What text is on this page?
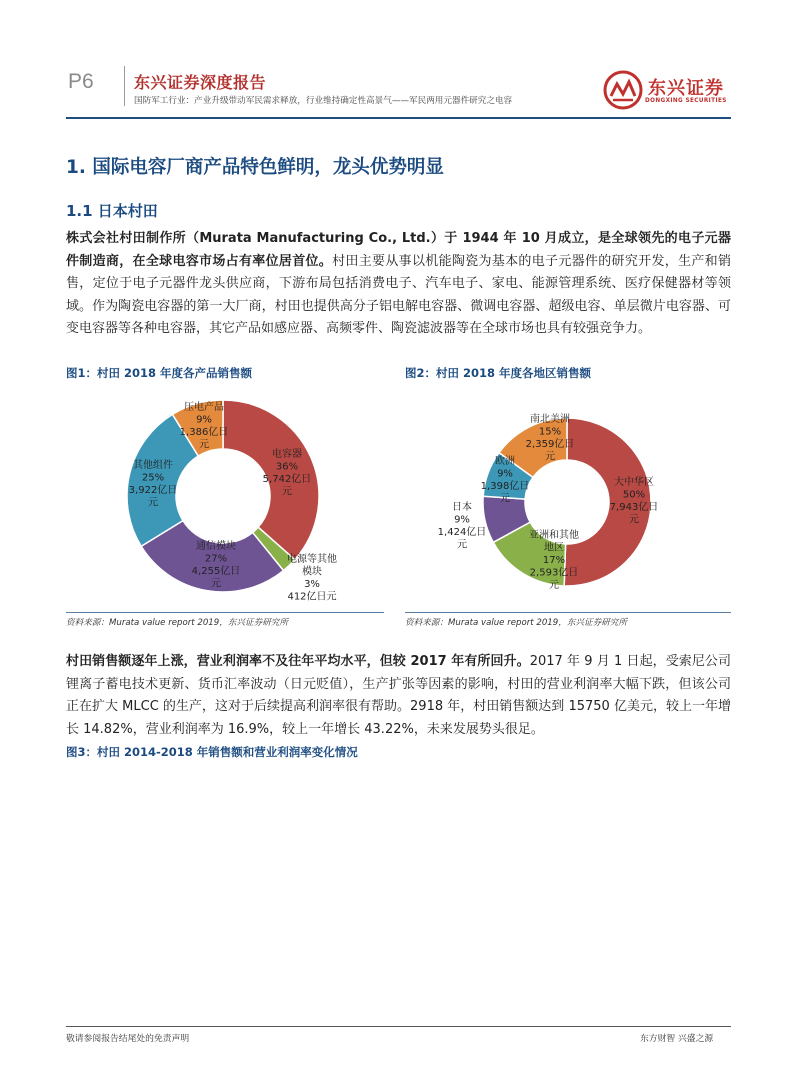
P6	东兴证券深度报告
国防军工行业：产业升级带动军民需求释放，行业维持确定性高景气——军民两用元器件研究之电容
东兴证券
DONGXING SECURITIES
1. 国际电容厂商产品特色鲜明，龙头优势明显
1.1 日本村田
株式会社村田制作所（Murata Manufacturing Co., Ltd.）于 1944 年 10 月成立，是全球领先的电子元器件制造商，在全球电容市场占有率位居首位。村田主要从事以机能陶瓷为基本的电子元器件的研究开发，生产和销售，定位于电子元器件龙头供应商，下游布局包括消费电子、汽车电子、家电、能源管理系统、医疗保健器材等领域。作为陶瓷电容器的第一大厂商，村田也提供高分子铝电解电容器、微调电容器、超级电容、单层微片电容器、可变电容器等各种电容器，其它产品如感应器、高频零件、陶瓷滤波器等在全球市场也具有较强竞争力。
图1：村田 2018 年度各产品销售额	图2：村田 2018 年度各地区销售额
电容器 36% 5,742亿日元
电源等其他模块 3% 412亿日元
通信模块 27% 4,255亿日元
其他组件 25% 3,922亿日元
压电产品 9% 1,386亿日元
大中华区 50% 7,943亿日元
亚洲和其他地区 17% 2,593亿日元
日本 9% 1,424亿日元
欧洲 9% 1,398亿日元
南北美洲 15% 2,359亿日元
资料来源：Murata value report 2019，东兴证券研究所	资料来源：Murata value report 2019，东兴证券研究所
村田销售额逐年上涨，营业利润率不及往年平均水平，但较 2017 年有所回升。2017 年 9 月 1 日起，受索尼公司锂离子蓄电技术更新、货币汇率波动（日元贬值），生产扩张等因素的影响，村田的营业利润率大幅下跌，但该公司正在扩大 MLCC 的生产，这对于后续提高利润率很有帮助。2918 年，村田销售额达到 15750 亿美元，较上一年增长 14.82%，营业利润率为 16.9%，较上一年增长 43.22%，未来发展势头很足。
图3：村田 2014-2018 年销售额和营业利润率变化情况
敬请参阅报告结尾处的免责声明	东方财智 兴盛之源
